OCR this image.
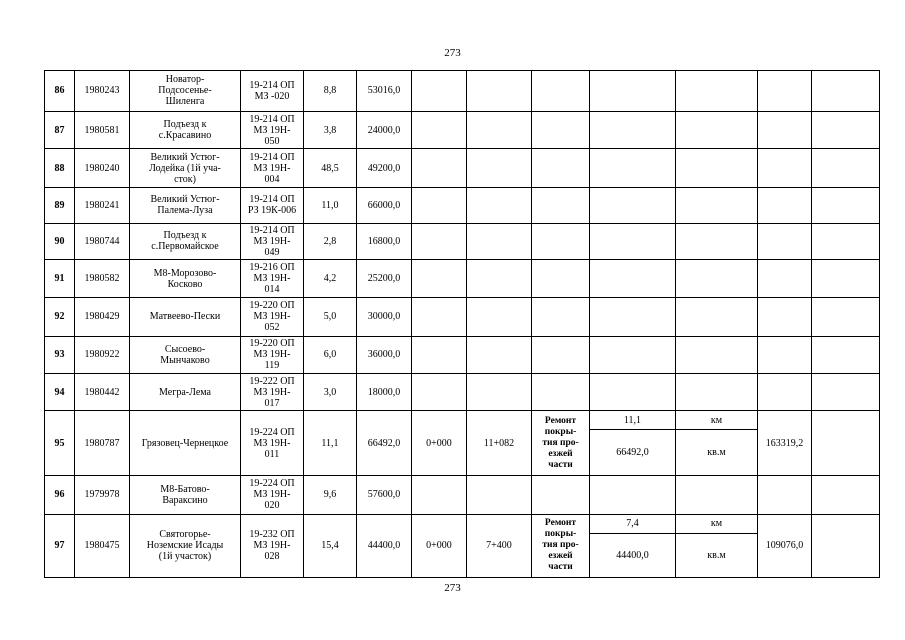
273
86	1980243	Новатор-
Подсосенье-
Шиленга	19-214 ОП
МЗ -020	8,8	53016,0							
87	1980581	Подъезд к
с.Красавино	19-214 ОП
МЗ 19Н-
050	3,8	24000,0							
88	1980240	Великий Устюг-
Лодейка (1й уча-
сток)	19-214 ОП
МЗ 19Н-
004	48,5	49200,0							
89	1980241	Великий Устюг-
Палема-Луза	19-214 ОП
РЗ 19К-006	11,0	66000,0							
90	1980744	Подъезд к
с.Первомайское	19-214 ОП
МЗ 19Н-
049	2,8	16800,0							
91	1980582	М8-Морозово-
Косково	19-216 ОП
МЗ 19Н-
014	4,2	25200,0							
92	1980429	Матвеево-Пески	19-220 ОП
МЗ 19Н-
052	5,0	30000,0							
93	1980922	Сысоево-
Мынчаково	19-220 ОП
МЗ 19Н-
119	6,0	36000,0							
94	1980442	Мегра-Лема	19-222 ОП
МЗ 19Н-
017	3,0	18000,0							
95	1980787	Грязовец-Чернецкое	19-224 ОП
МЗ 19Н-
011	11,1	66492,0	0+000	11+082	Ремонт
покры-
тия про-
езжей
части	11,1	км	163319,2	
									66492,0	кв.м		
96	1979978	М8-Батово-
Вараксино	19-224 ОП
МЗ 19Н-
020	9,6	57600,0							
97	1980475	Святогорье-
Ноземские Исады
(1й участок)	19-232 ОП
МЗ 19Н-
028	15,4	44400,0	0+000	7+400	Ремонт
покры-
тия про-
езжей
части	7,4	км	109076,0	
									44400,0	кв.м		
273
